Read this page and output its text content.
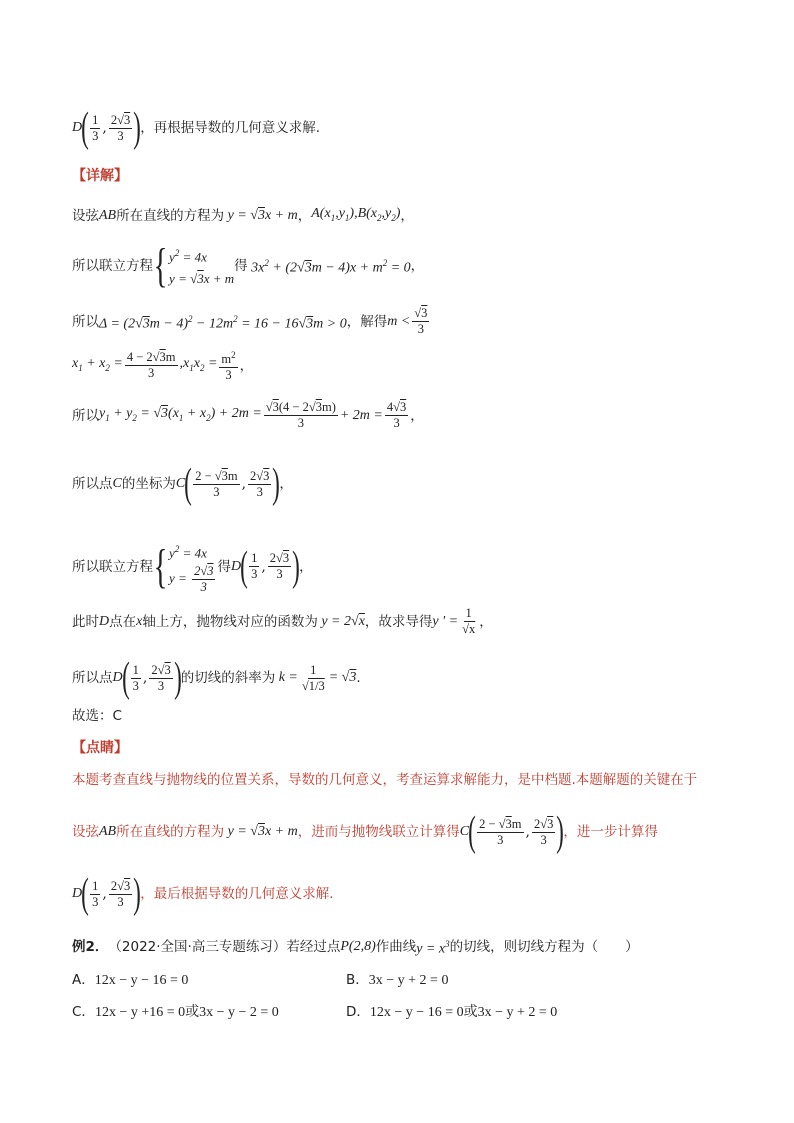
D ( $\frac{1}{3}$ , $\frac{2√3}{3}$ ) ，再根据导数的几何意义求解.
【详解】
设弦 AB 所在直线的方程为 y = √3x + m ， $A(x_1,y_1),B(x_2,y_2)$ ，
所以联立方程 { $y^2 = 4x$
y = √3x + m
得 $3x^2 + (2√3m - 4)x + m^2 = 0$ ，
所以 $\Delta = (2√3m - 4)^2 - 12m^2 = 16 - 16√3m > 0$ ，解得 $m < \frac{√3}{3}$
$x_1 + x_2 = \frac{4 - 2√3m}{3} ,x_1x_2 = \frac{m^2}{3}$ ，
所以 $y_1 + y_2 = √3(x_1 + x_2) + 2m = \frac{√3(4 - 2√3m)}{3} + 2m = \frac{4√3}{3}$ ，
所以点 C 的坐标为 C ( $\frac{2 - √3m}{3}$ , $\frac{2√3}{3}$ ) ，
所以联立方程 { $y^2 = 4x$
$y = \frac{2√3}{3}$ 得 D ( $\frac{1}{3}$ , $\frac{2√3}{3}$ ) ，
此时 D 点在 x 轴上方，抛物线对应的函数为 y = 2√x ，故求导得 y ' = $\frac{1}{√x}$ ，
所以点 D ( $\frac{1}{3}$ , $\frac{2√3}{3}$ ) 的切线的斜率为 $k = \frac{1}{√1/3} = √3$ .
故选：C
【点睛】
本题考查直线与抛物线的位置关系，导数的几何意义，考查运算求解能力，是中档题.本题解题的关键在于
设弦 AB 所在直线的方程为 y = √3x + m ，进而与抛物线联立计算得 C ( $\frac{2 - √3m}{3}$ , $\frac{2√3}{3}$ ) ，进一步计算得
D ( $\frac{1}{3}$ , $\frac{2√3}{3}$ ) ，最后根据导数的几何意义求解.
例2． （2022·全国·高三专题练习） 若经过点 P(2,8) 作曲线 $y = x^3$ 的切线，则切线方程为（　　）
A．12x − y − 16 = 0	B．3x − y + 2 = 0
C．12x − y +16 = 0或3x − y − 2 = 0	D．12x − y − 16 = 0或3x − y + 2 = 0
